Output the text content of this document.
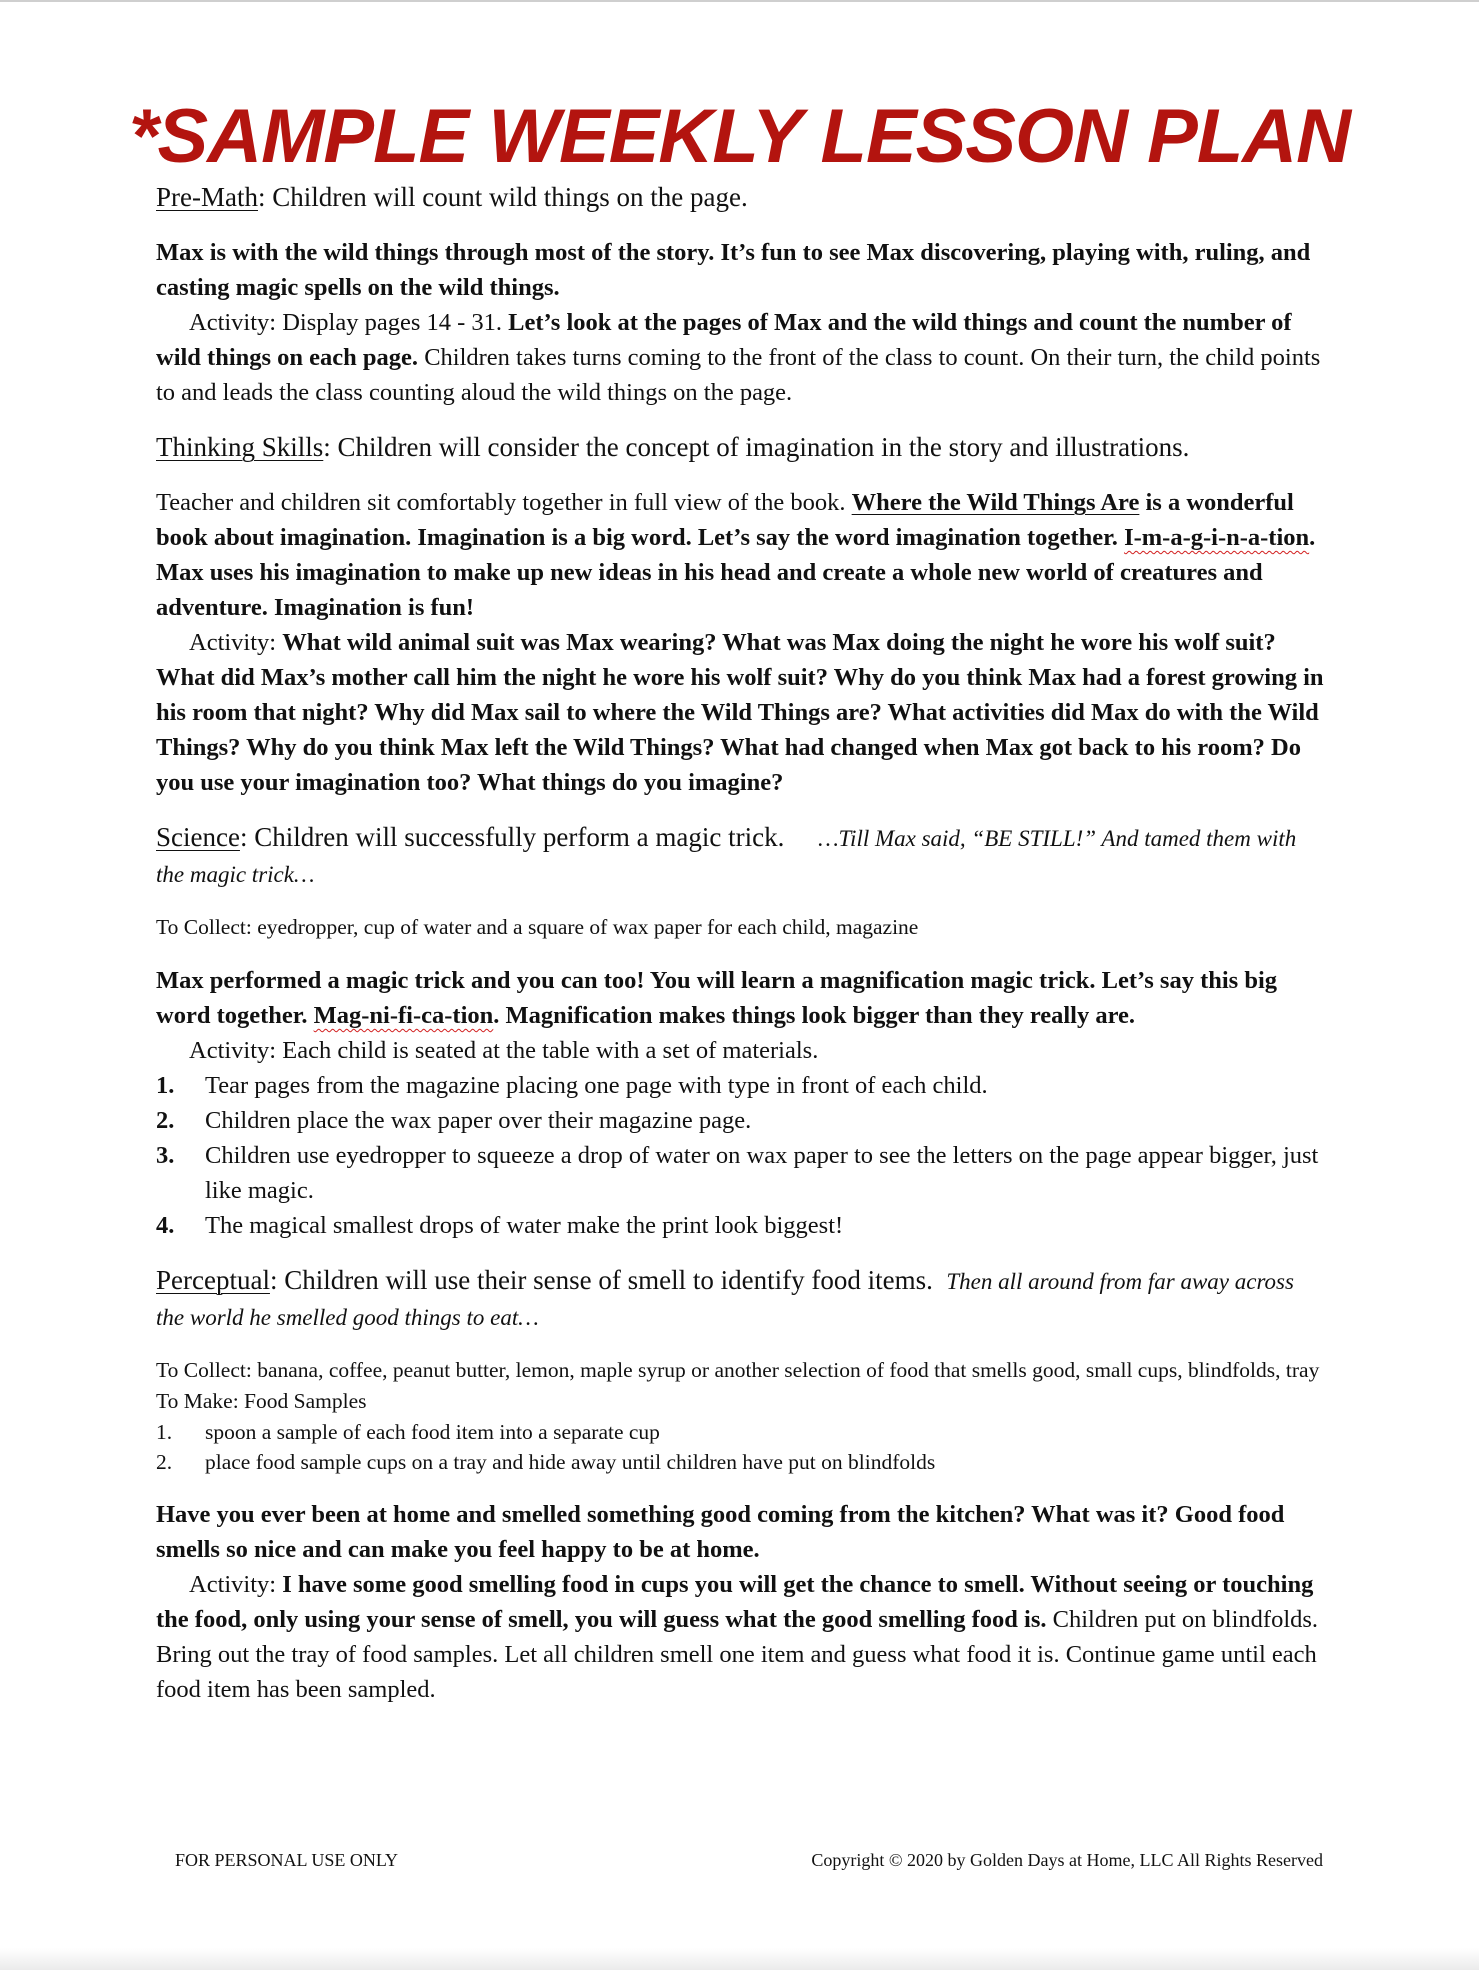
*SAMPLE WEEKLY LESSON PLAN

Pre-Math: Children will count wild things on the page.

Max is with the wild things through most of the story. It’s fun to see Max discovering, playing with, ruling, and casting magic spells on the wild things.

Activity: Display pages 14 - 31. Let’s look at the pages of Max and the wild things and count the number of wild things on each page. Children takes turns coming to the front of the class to count. On their turn, the child points to and leads the class counting aloud the wild things on the page.

Thinking Skills: Children will consider the concept of imagination in the story and illustrations.

Teacher and children sit comfortably together in full view of the book. Where the Wild Things Are is a wonderful book about imagination. Imagination is a big word. Let’s say the word imagination together. I-m-a-g-i-n-a-tion. Max uses his imagination to make up new ideas in his head and create a whole new world of creatures and adventure. Imagination is fun!

Activity: What wild animal suit was Max wearing? What was Max doing the night he wore his wolf suit? What did Max’s mother call him the night he wore his wolf suit? Why do you think Max had a forest growing in his room that night? Why did Max sail to where the Wild Things are? What activities did Max do with the Wild Things? Why do you think Max left the Wild Things? What had changed when Max got back to his room? Do you use your imagination too? What things do you imagine?

Science: Children will successfully perform a magic trick. …Till Max said, “BE STILL!” And tamed them with the magic trick…

To Collect: eyedropper, cup of water and a square of wax paper for each child, magazine

Max performed a magic trick and you can too! You will learn a magnification magic trick. Let’s say this big word together. Mag-ni-fi-ca-tion. Magnification makes things look bigger than they really are.

Activity: Each child is seated at the table with a set of materials.

1. Tear pages from the magazine placing one page with type in front of each child.
2. Children place the wax paper over their magazine page.
3. Children use eyedropper to squeeze a drop of water on wax paper to see the letters on the page appear bigger, just like magic.
4. The magical smallest drops of water make the print look biggest!

Perceptual: Children will use their sense of smell to identify food items. Then all around from far away across the world he smelled good things to eat…

To Collect: banana, coffee, peanut butter, lemon, maple syrup or another selection of food that smells good, small cups, blindfolds, tray

To Make: Food Samples

1. spoon a sample of each food item into a separate cup
2. place food sample cups on a tray and hide away until children have put on blindfolds

Have you ever been at home and smelled something good coming from the kitchen? What was it? Good food smells so nice and can make you feel happy to be at home.

Activity: I have some good smelling food in cups you will get the chance to smell. Without seeing or touching the food, only using your sense of smell, you will guess what the good smelling food is. Children put on blindfolds. Bring out the tray of food samples. Let all children smell one item and guess what food it is. Continue game until each food item has been sampled.

FOR PERSONAL USE ONLY	Copyright © 2020 by Golden Days at Home, LLC All Rights Reserved
